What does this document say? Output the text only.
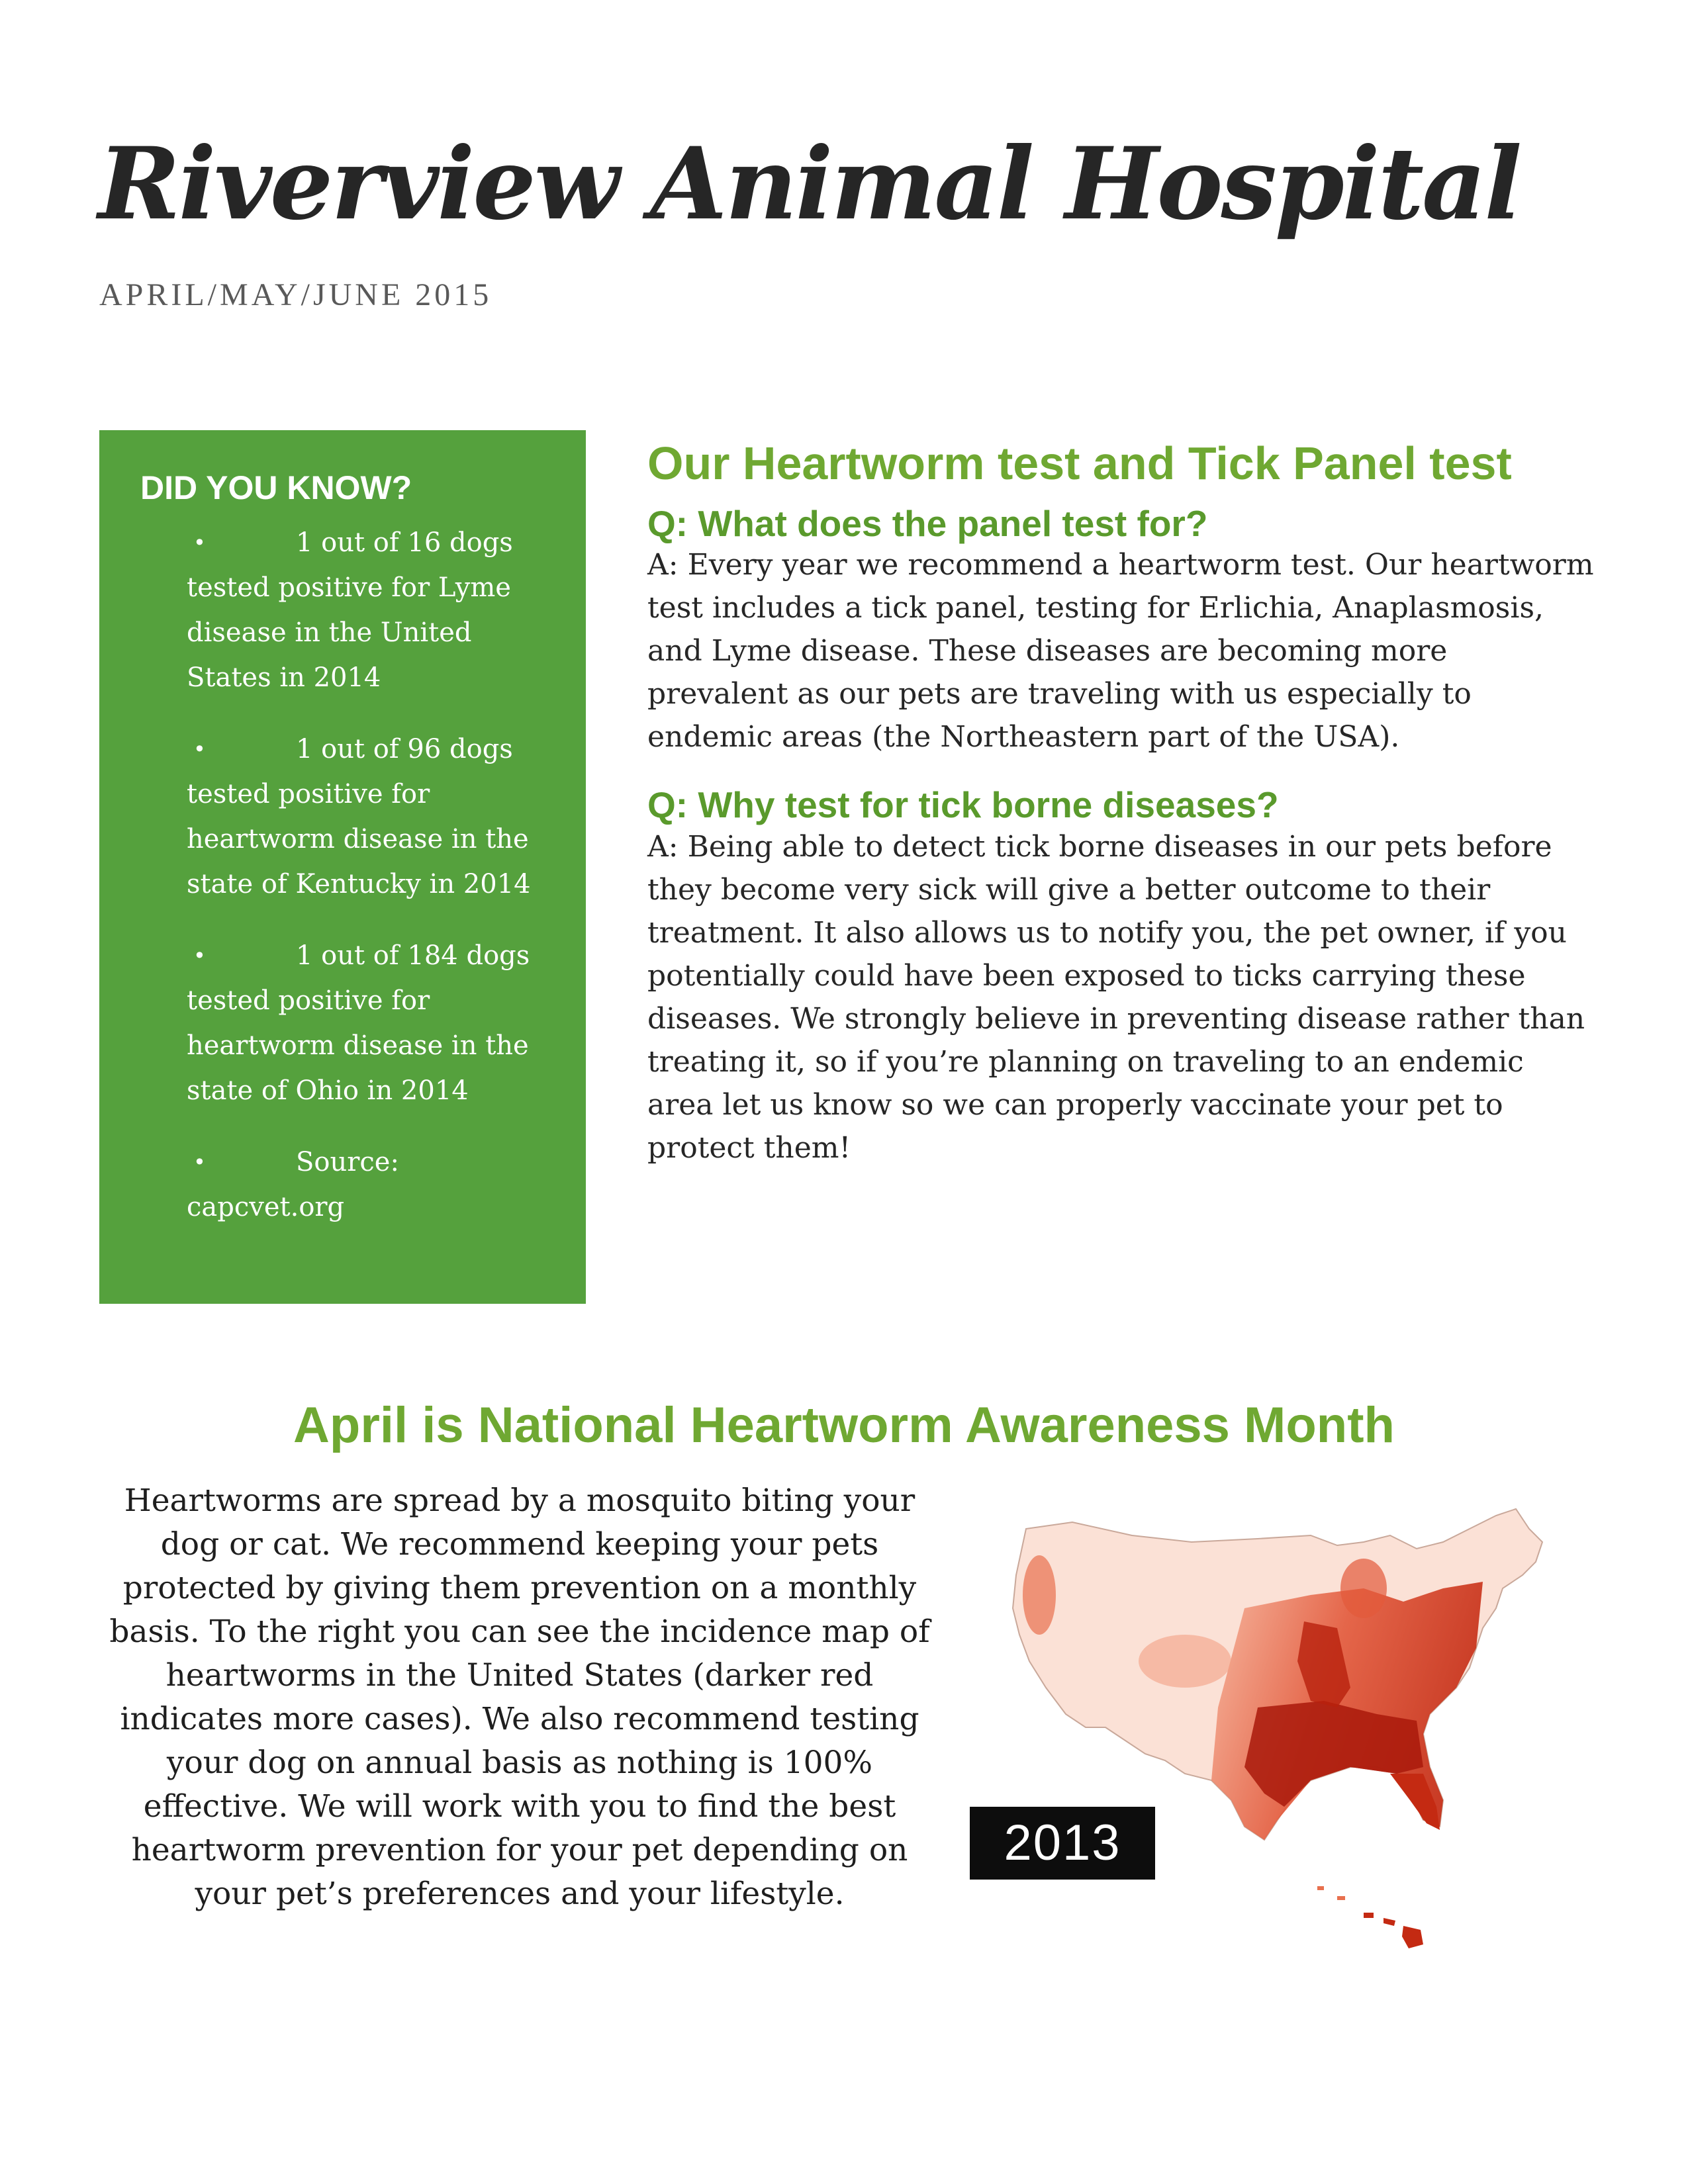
Riverview Animal Hospital
APRIL/MAY/JUNE 2015
DID YOU KNOW?
•	1 out of 16 dogs tested positive for Lyme disease in the United States in 2014
•	1 out of 96 dogs tested positive for heartworm disease in the state of Kentucky in 2014
•	1 out of 184 dogs tested positive for heartworm disease in the state of Ohio in 2014
•	Source: capcvet.org
Our Heartworm test and Tick Panel test
Q: What does the panel test for?

A: Every year we recommend a heartworm test. Our heartworm test includes a tick panel, testing for Erlichia, Anaplasmosis, and Lyme disease. These diseases are becoming more prevalent as our pets are traveling with us especially to endemic areas (the Northeastern part of the USA).

Q: Why test for tick borne diseases?

A: Being able to detect tick borne diseases in our pets before they become very sick will give a better outcome to their treatment. It also allows us to notify you, the pet owner, if you potentially could have been exposed to ticks carrying these diseases. We strongly believe in preventing disease rather than treating it, so if you’re planning on traveling to an endemic area let us know so we can properly vaccinate your pet to protect them!

April is National Heartworm Awareness Month

Heartworms are spread by a mosquito biting your dog or cat. We recommend keeping your pets protected by giving them prevention on a monthly basis. To the right you can see the incidence map of heartworms in the United States (darker red indicates more cases). We also recommend testing your dog on annual basis as nothing is 100% effective. We will work with you to find the best heartworm prevention for your pet depending on your pet’s preferences and your lifestyle.

2013
